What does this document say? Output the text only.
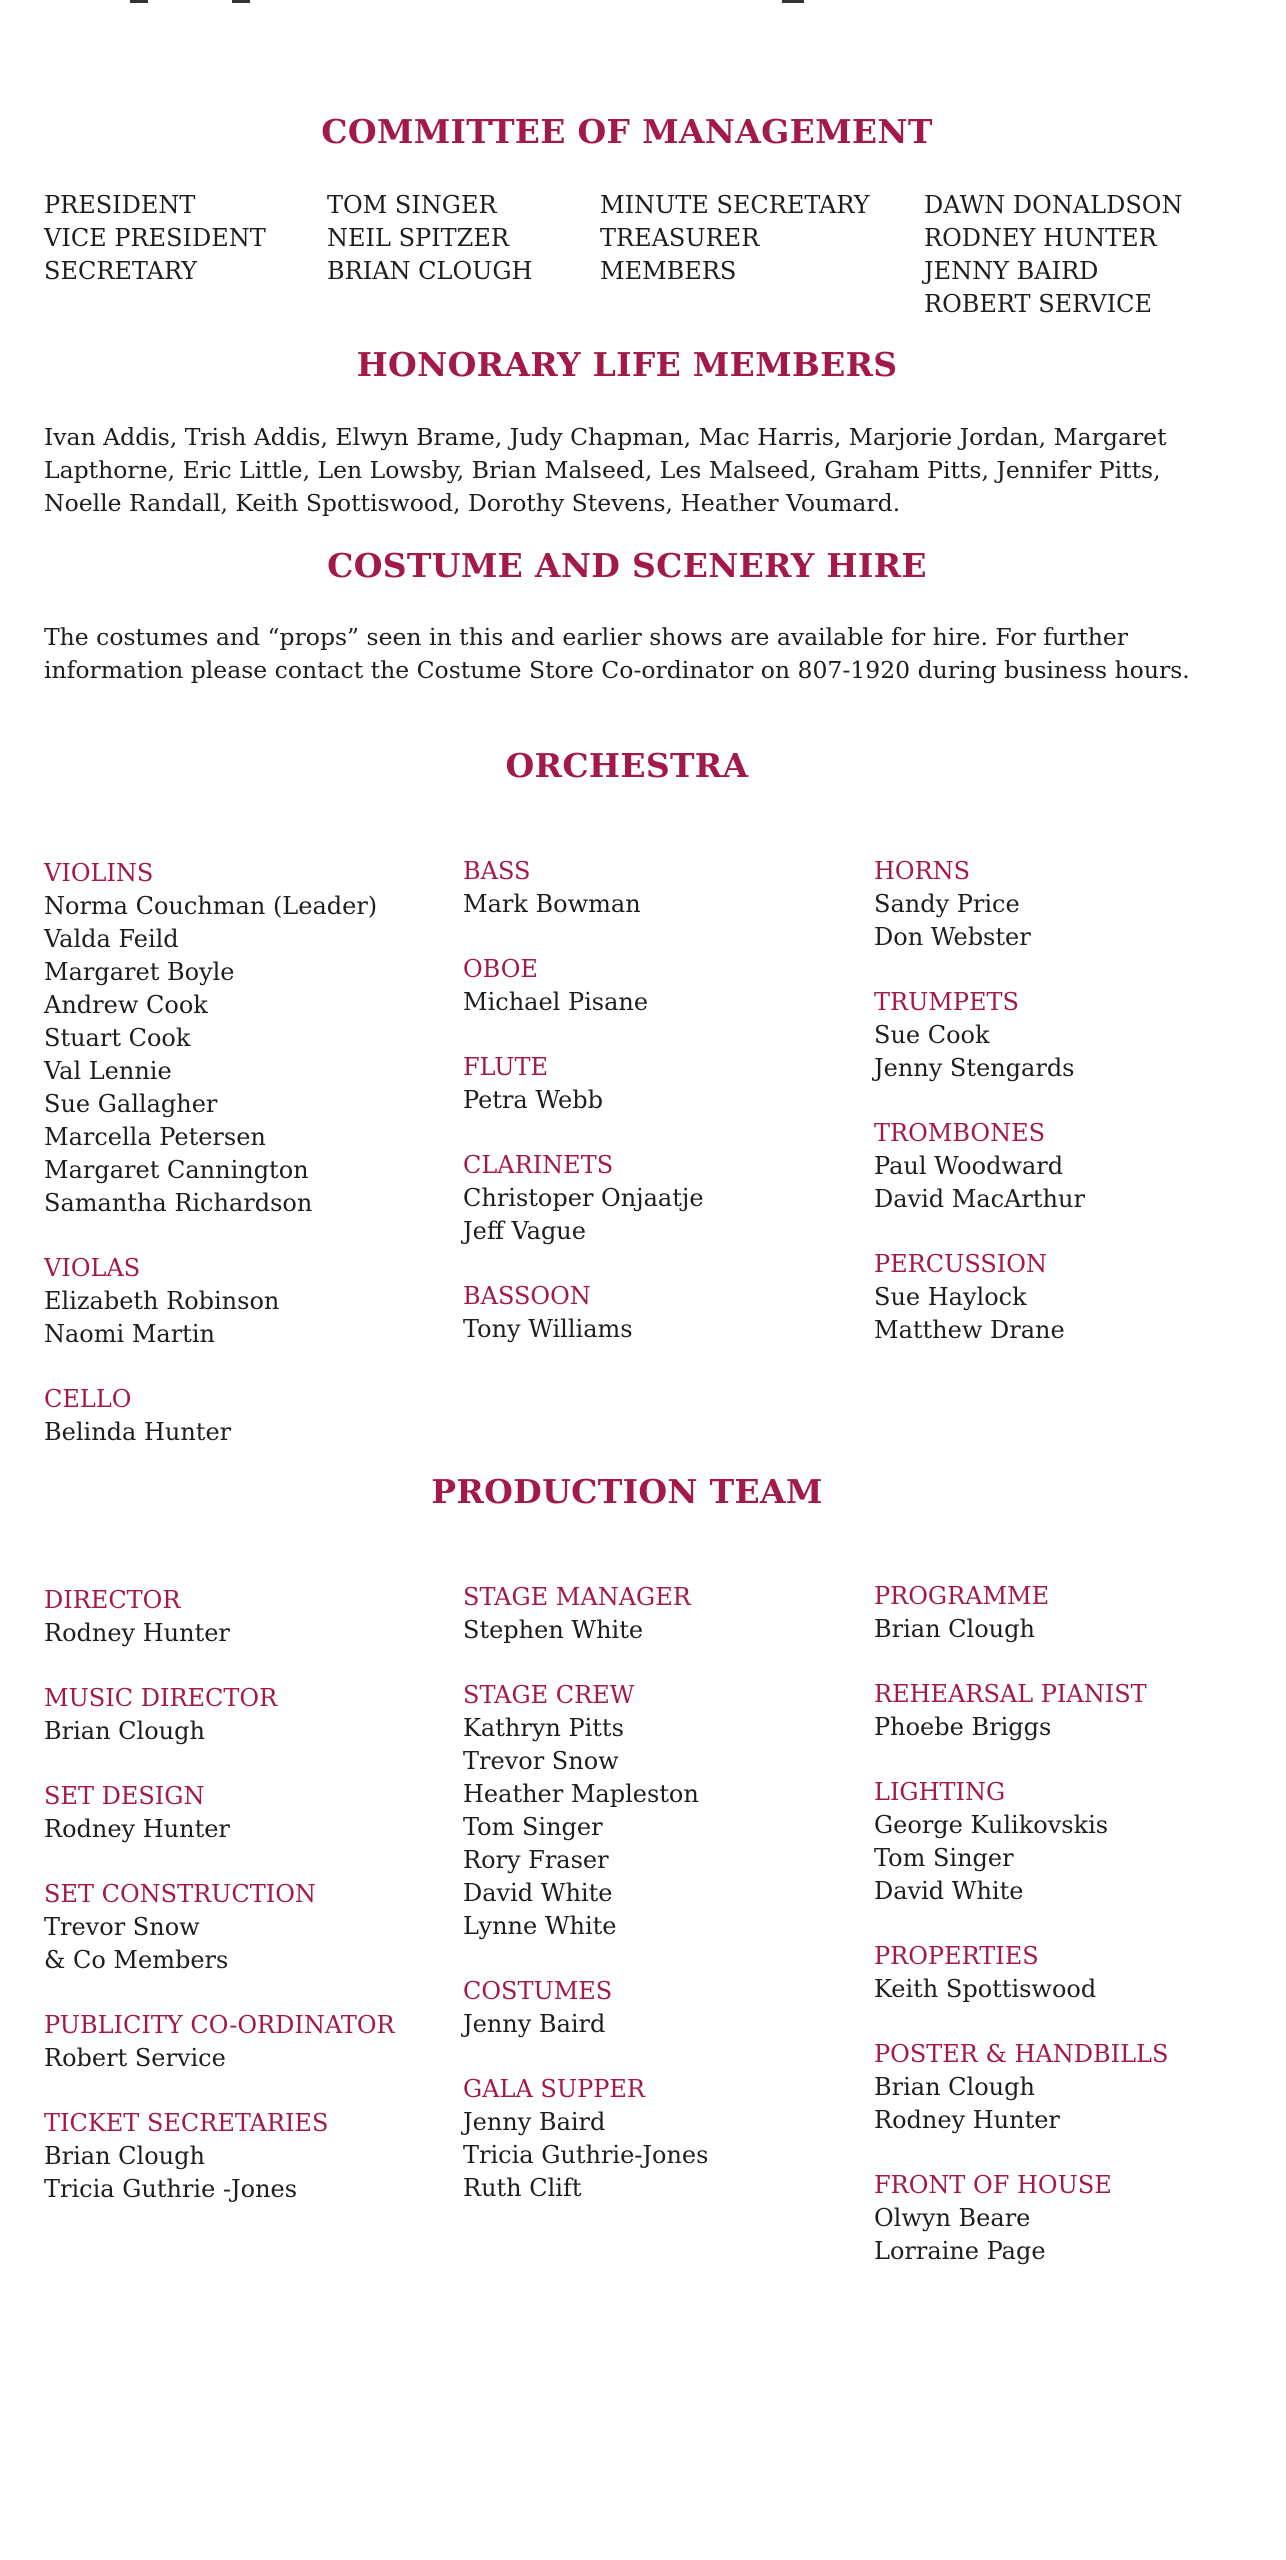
COMMITTEE OF MANAGEMENT
PRESIDENT
VICE PRESIDENT
SECRETARY
TOM SINGER
NEIL SPITZER
BRIAN CLOUGH
MINUTE SECRETARY
TREASURER
MEMBERS
DAWN DONALDSON
RODNEY HUNTER
JENNY BAIRD
ROBERT SERVICE
HONORARY LIFE MEMBERS

Ivan Addis, Trish Addis, Elwyn Brame, Judy Chapman, Mac Harris, Marjorie Jordan, Margaret Lapthorne, Eric Little, Len Lowsby, Brian Malseed, Les Malseed, Graham Pitts, Jennifer Pitts, Noelle Randall, Keith Spottiswood, Dorothy Stevens, Heather Voumard.

COSTUME AND SCENERY HIRE

The costumes and “props” seen in this and earlier shows are available for hire. For further information please contact the Costume Store Co-ordinator on 807-1920 during business hours.

ORCHESTRA
VIOLINS
Norma Couchman (Leader)
Valda Feild
Margaret Boyle
Andrew Cook
Stuart Cook
Val Lennie
Sue Gallagher
Marcella Petersen
Margaret Cannington
Samantha Richardson
VIOLAS
Elizabeth Robinson
Naomi Martin
CELLO
Belinda Hunter
BASS
Mark Bowman
OBOE
Michael Pisane
FLUTE
Petra Webb
CLARINETS
Christoper Onjaatje
Jeff Vague
BASSOON
Tony Williams
HORNS
Sandy Price
Don Webster
TRUMPETS
Sue Cook
Jenny Stengards
TROMBONES
Paul Woodward
David MacArthur
PERCUSSION
Sue Haylock
Matthew Drane
PRODUCTION TEAM
DIRECTOR
Rodney Hunter
MUSIC DIRECTOR
Brian Clough
SET DESIGN
Rodney Hunter
SET CONSTRUCTION
Trevor Snow
& Co Members
PUBLICITY CO-ORDINATOR
Robert Service
TICKET SECRETARIES
Brian Clough
Tricia Guthrie -Jones
STAGE MANAGER
Stephen White
STAGE CREW
Kathryn Pitts
Trevor Snow
Heather Mapleston
Tom Singer
Rory Fraser
David White
Lynne White
COSTUMES
Jenny Baird
GALA SUPPER
Jenny Baird
Tricia Guthrie-Jones
Ruth Clift
PROGRAMME
Brian Clough
REHEARSAL PIANIST
Phoebe Briggs
LIGHTING
George Kulikovskis
Tom Singer
David White
PROPERTIES
Keith Spottiswood
POSTER & HANDBILLS
Brian Clough
Rodney Hunter
FRONT OF HOUSE
Olwyn Beare
Lorraine Page
